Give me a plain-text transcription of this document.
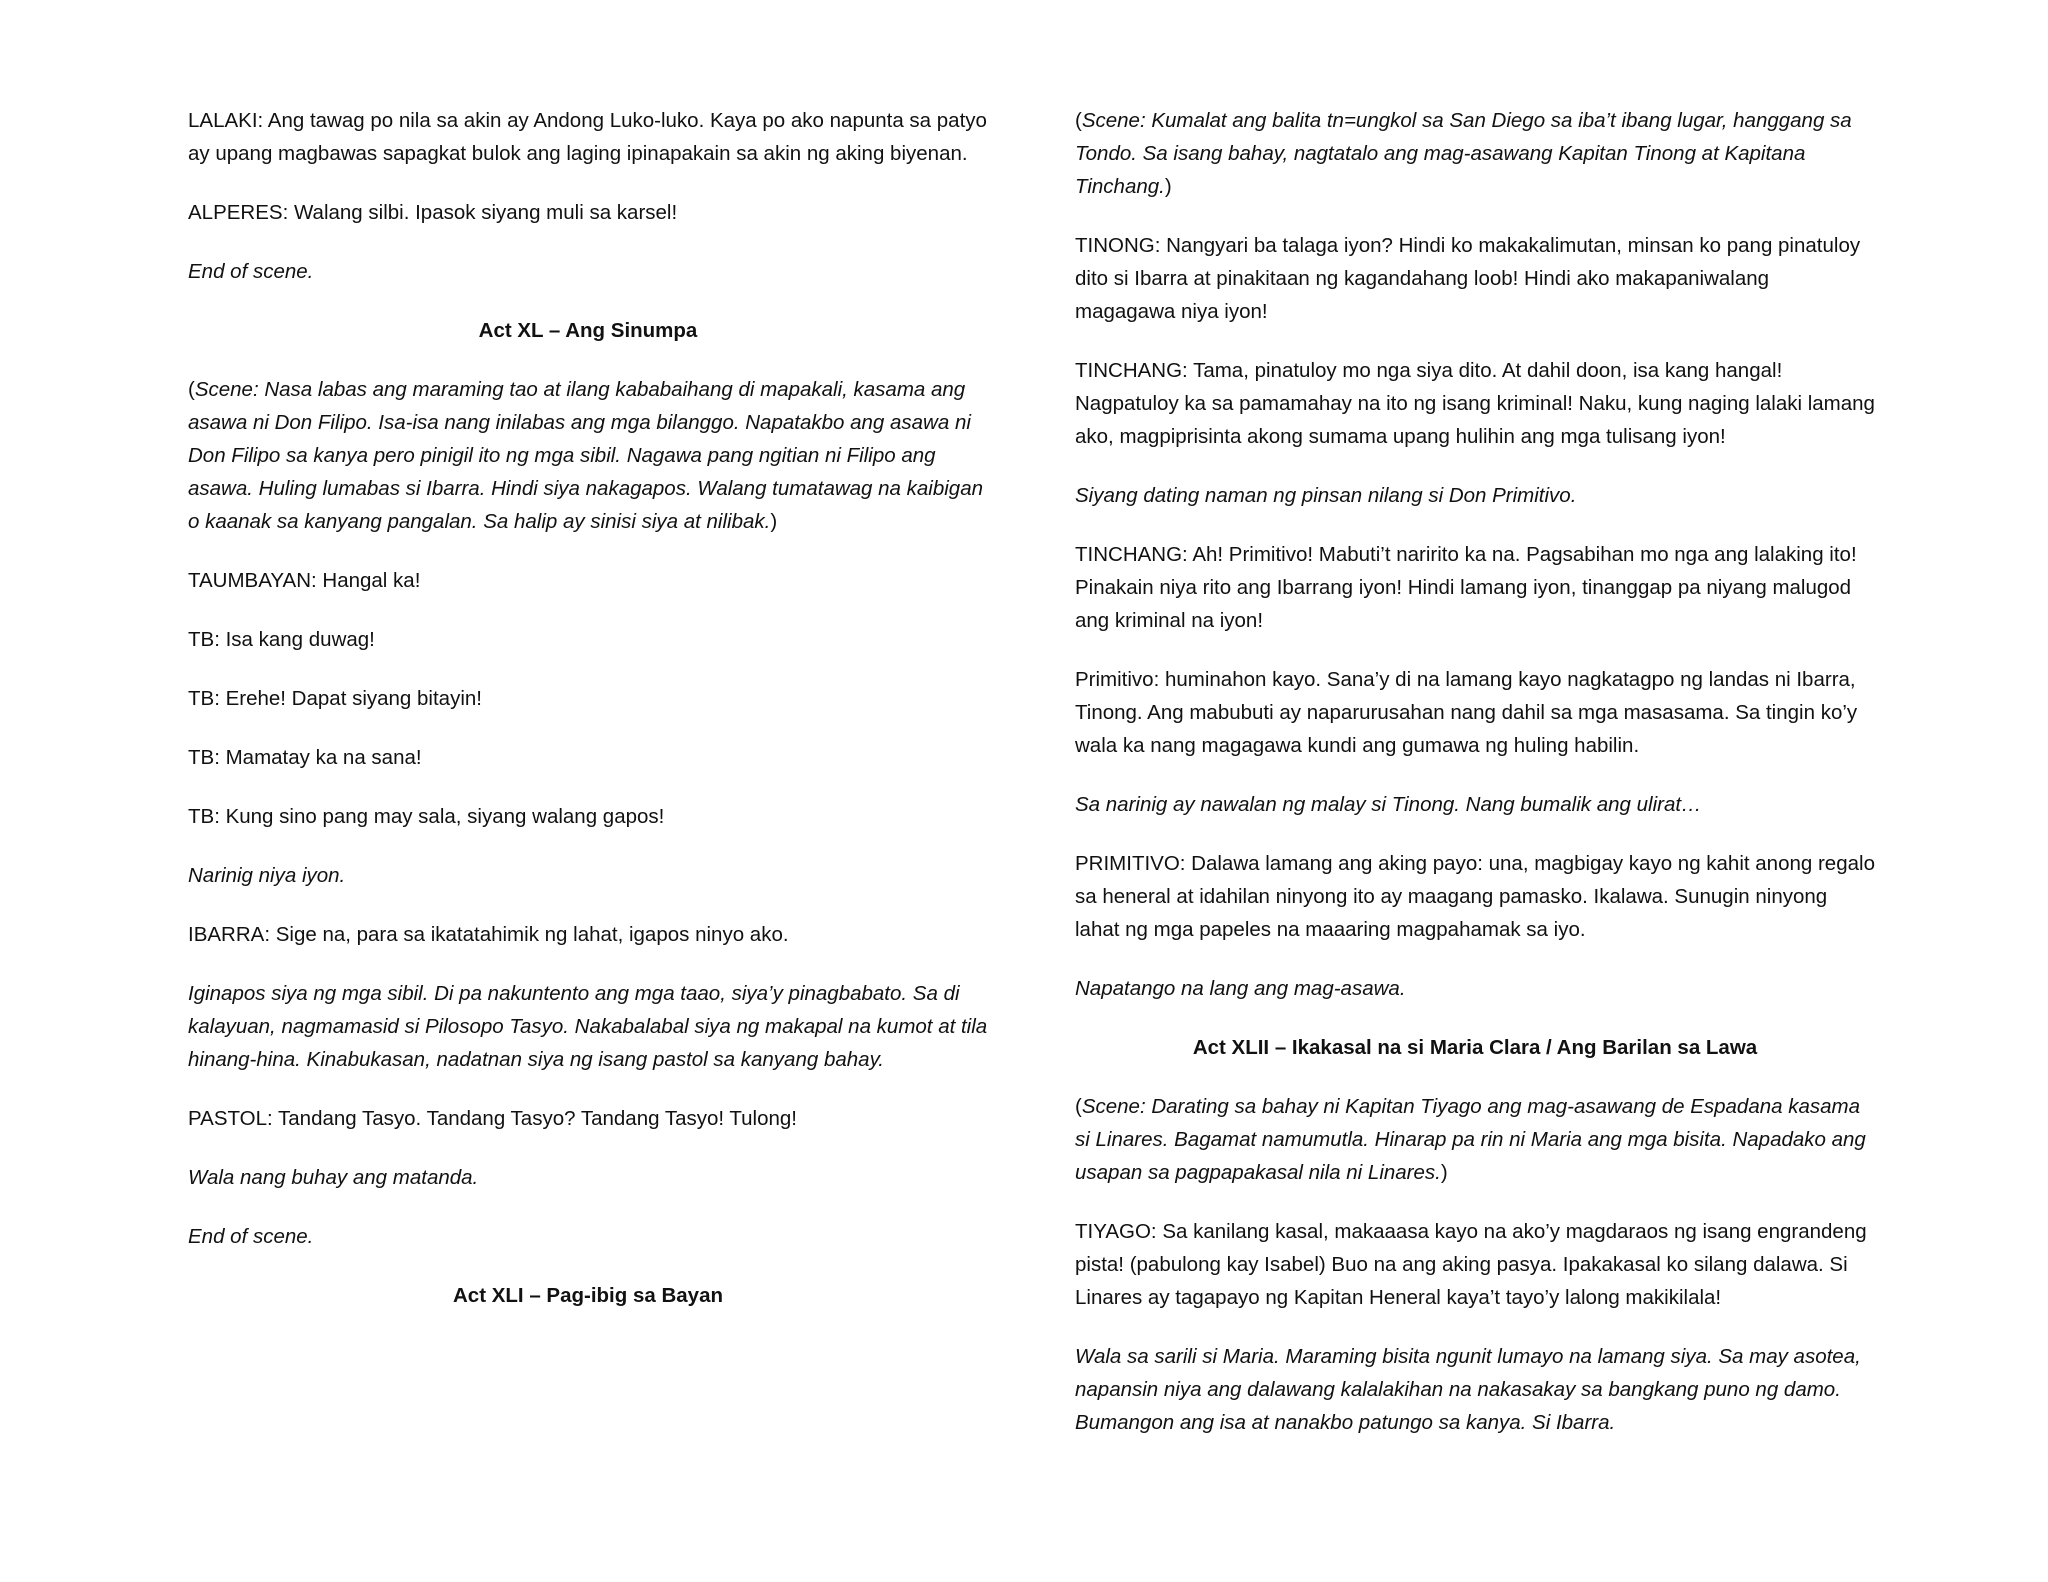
LALAKI: Ang tawag po nila sa akin ay Andong Luko-luko. Kaya po ako napunta sa patyo ay upang magbawas sapagkat bulok ang laging ipinapakain sa akin ng aking biyenan.

ALPERES: Walang silbi. Ipasok siyang muli sa karsel!

End of scene.

Act XL – Ang Sinumpa

(Scene: Nasa labas ang maraming tao at ilang kababaihang di mapakali, kasama ang asawa ni Don Filipo. Isa-isa nang inilabas ang mga bilanggo. Napatakbo ang asawa ni Don Filipo sa kanya pero pinigil ito ng mga sibil. Nagawa pang ngitian ni Filipo ang asawa. Huling lumabas si Ibarra. Hindi siya nakagapos. Walang tumatawag na kaibigan o kaanak sa kanyang pangalan. Sa halip ay sinisi siya at nilibak.)

TAUMBAYAN: Hangal ka!

TB: Isa kang duwag!

TB: Erehe! Dapat siyang bitayin!

TB: Mamatay ka na sana!

TB: Kung sino pang may sala, siyang walang gapos!

Narinig niya iyon.

IBARRA: Sige na, para sa ikatatahimik ng lahat, igapos ninyo ako.

Iginapos siya ng mga sibil. Di pa nakuntento ang mga taao, siya’y pinagbabato. Sa di kalayuan, nagmamasid si Pilosopo Tasyo. Nakabalabal siya ng makapal na kumot at tila hinang-hina. Kinabukasan, nadatnan siya ng isang pastol sa kanyang bahay.

PASTOL: Tandang Tasyo. Tandang Tasyo? Tandang Tasyo! Tulong!

Wala nang buhay ang matanda.

End of scene.

Act XLI – Pag-ibig sa Bayan

(Scene: Kumalat ang balita tn=ungkol sa San Diego sa iba’t ibang lugar, hanggang sa Tondo. Sa isang bahay, nagtatalo ang mag-asawang Kapitan Tinong at Kapitana Tinchang.)

TINONG: Nangyari ba talaga iyon? Hindi ko makakalimutan, minsan ko pang pinatuloy dito si Ibarra at pinakitaan ng kagandahang loob! Hindi ako makapaniwalang magagawa niya iyon!

TINCHANG: Tama, pinatuloy mo nga siya dito. At dahil doon, isa kang hangal! Nagpatuloy ka sa pamamahay na ito ng isang kriminal! Naku, kung naging lalaki lamang ako, magpiprisinta akong sumama upang hulihin ang mga tulisang iyon!

Siyang dating naman ng pinsan nilang si Don Primitivo.

TINCHANG: Ah! Primitivo! Mabuti’t naririto ka na. Pagsabihan mo nga ang lalaking ito! Pinakain niya rito ang Ibarrang iyon! Hindi lamang iyon, tinanggap pa niyang malugod ang kriminal na iyon!

Primitivo: huminahon kayo. Sana’y di na lamang kayo nagkatagpo ng landas ni Ibarra, Tinong. Ang mabubuti ay naparurusahan nang dahil sa mga masasama. Sa tingin ko’y wala ka nang magagawa kundi ang gumawa ng huling habilin.

Sa narinig ay nawalan ng malay si Tinong. Nang bumalik ang ulirat…

PRIMITIVO: Dalawa lamang ang aking payo: una, magbigay kayo ng kahit anong regalo sa heneral at idahilan ninyong ito ay maagang pamasko. Ikalawa. Sunugin ninyong lahat ng mga papeles na maaaring magpahamak sa iyo.

Napatango na lang ang mag-asawa.

Act XLII – Ikakasal na si Maria Clara / Ang Barilan sa Lawa

(Scene: Darating sa bahay ni Kapitan Tiyago ang mag-asawang de Espadana kasama si Linares. Bagamat namumutla. Hinarap pa rin ni Maria ang mga bisita. Napadako ang usapan sa pagpapakasal nila ni Linares.)

TIYAGO: Sa kanilang kasal, makaaasa kayo na ako’y magdaraos ng isang engrandeng pista! (pabulong kay Isabel) Buo na ang aking pasya. Ipakakasal ko silang dalawa. Si Linares ay tagapayo ng Kapitan Heneral kaya’t tayo’y lalong makikilala!

Wala sa sarili si Maria. Maraming bisita ngunit lumayo na lamang siya. Sa may asotea, napansin niya ang dalawang kalalakihan na nakasakay sa bangkang puno ng damo. Bumangon ang isa at nanakbo patungo sa kanya. Si Ibarra.
